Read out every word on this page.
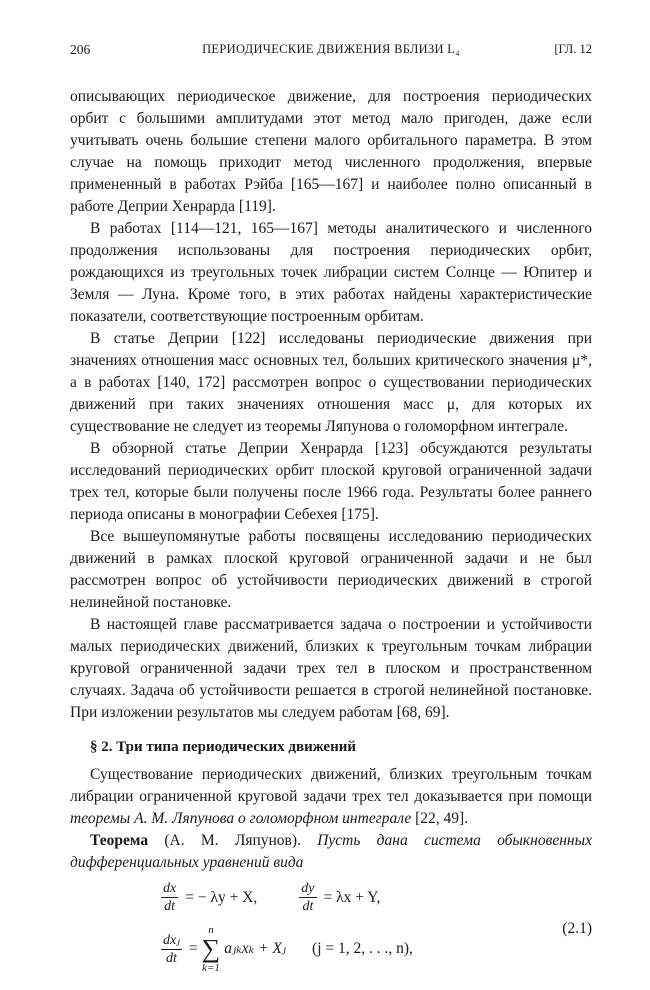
206	ПЕРИОДИЧЕСКИЕ ДВИЖЕНИЯ ВБЛИЗИ L₄	[ГЛ. 12

описывающих периодическое движение, для построения периодических орбит с большими амплитудами этот метод мало пригоден, даже если учитывать очень большие степени малого орбитального параметра. В этом случае на помощь приходит метод численного продолжения, впервые примененный в работах Рэйба [165—167] и наиболее полно описанный в работе Деприи Хенрарда [119].

В работах [114—121, 165—167] методы аналитического и численного продолжения использованы для построения периодических орбит, рождающихся из треугольных точек либрации систем Солнце — Юпитер и Земля — Луна. Кроме того, в этих работах найдены характеристические показатели, соответствующие построенным орбитам.

В статье Деприи [122] исследованы периодические движения при значениях отношения масс основных тел, больших критического значения μ*, а в работах [140, 172] рассмотрен вопрос о существовании периодических движений при таких значениях отношения масс μ, для которых их существование не следует из теоремы Ляпунова о голоморфном интеграле.

В обзорной статье Деприи Хенрарда [123] обсуждаются результаты исследований периодических орбит плоской круговой ограниченной задачи трех тел, которые были получены после 1966 года. Результаты более раннего периода описаны в монографии Себехея [175].

Все вышеупомянутые работы посвящены исследованию периодических движений в рамках плоской круговой ограниченной задачи и не был рассмотрен вопрос об устойчивости периодических движений в строгой нелинейной постановке.

В настоящей главе рассматривается задача о построении и устойчивости малых периодических движений, близких к треугольным точкам либрации круговой ограниченной задачи трех тел в плоском и пространственном случаях. Задача об устойчивости решается в строгой нелинейной постановке. При изложении результатов мы следуем работам [68, 69].

§ 2. Три типа периодических движений

Существование периодических движений, близких треугольным точкам либрации ограниченной круговой задачи трех тел доказывается при помощи теоремы А. М. Ляпунова о голоморфном интеграле [22, 49].

Теорема (А. М. Ляпунов). Пусть дана система обыкновенных дифференциальных уравнений вида

$\frac{dx}{dt}$ = − λy + X,	$\frac{dy}{dt} = \lambda x + Y$,
$\frac{\text{dxⱼ}}{dt}$ =
n
∑
k=1
aⱼₖxₖ + Xⱼ (j = 1, 2, . . ., n),
(2.1)
